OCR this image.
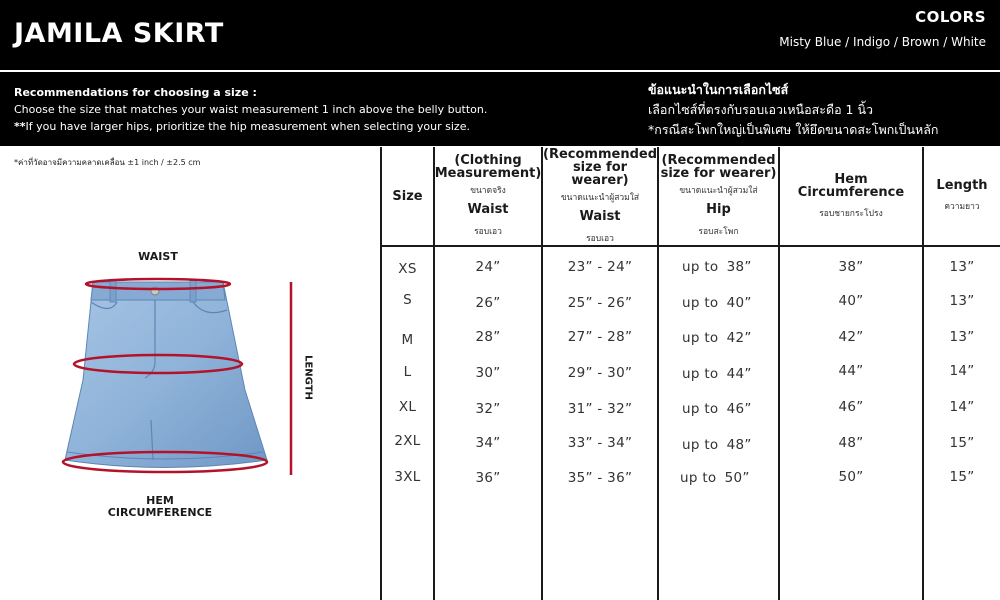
JAMILA SKIRT
COLORS
Misty Blue / Indigo / Brown / White
Recommendations for choosing a size :
Choose the size that matches your waist measurement 1 inch above the belly button.
**If you have larger hips, prioritize the hip measurement when selecting your size.
ข้อแนะนำในการเลือกไซส์
เลือกไซส์ที่ตรงกับรอบเอวเหนือสะดือ 1 นิ้ว
*กรณีสะโพกใหญ่เป็นพิเศษ ให้ยึดขนาดสะโพกเป็นหลัก
*ค่าที่วัดอาจมีความคลาดเคลื่อน ±1 inch / ±2.5 cm
WAIST
HEM
CIRCUMFERENCE
LENGTH
Size
(Clothing
Measurement)
ขนาดจริง
Waist
รอบเอว
(Recommended
size for wearer)
ขนาดแนะนำผู้สวมใส่
Waist
รอบเอว
(Recommended
size for wearer)
ขนาดแนะนำผู้สวมใส่
Hip
รอบสะโพก
Hem
Circumference
รอบชายกระโปรง
Length
ความยาว
XS	24”	23” - 24”	up to 38”	38”	13”
S	26”	25” - 26”	up to 40”	40”	13”
M	28”	27” - 28”	up to 42”	42”	13”
L	30”	29” - 30”	up to 44”	44”	14”
XL	32”	31” - 32”	up to 46”	46”	14”
2XL	34”	33” - 34”	up to 48”	48”	15”
3XL	36”	35” - 36”	up to 50”	50”	15”
